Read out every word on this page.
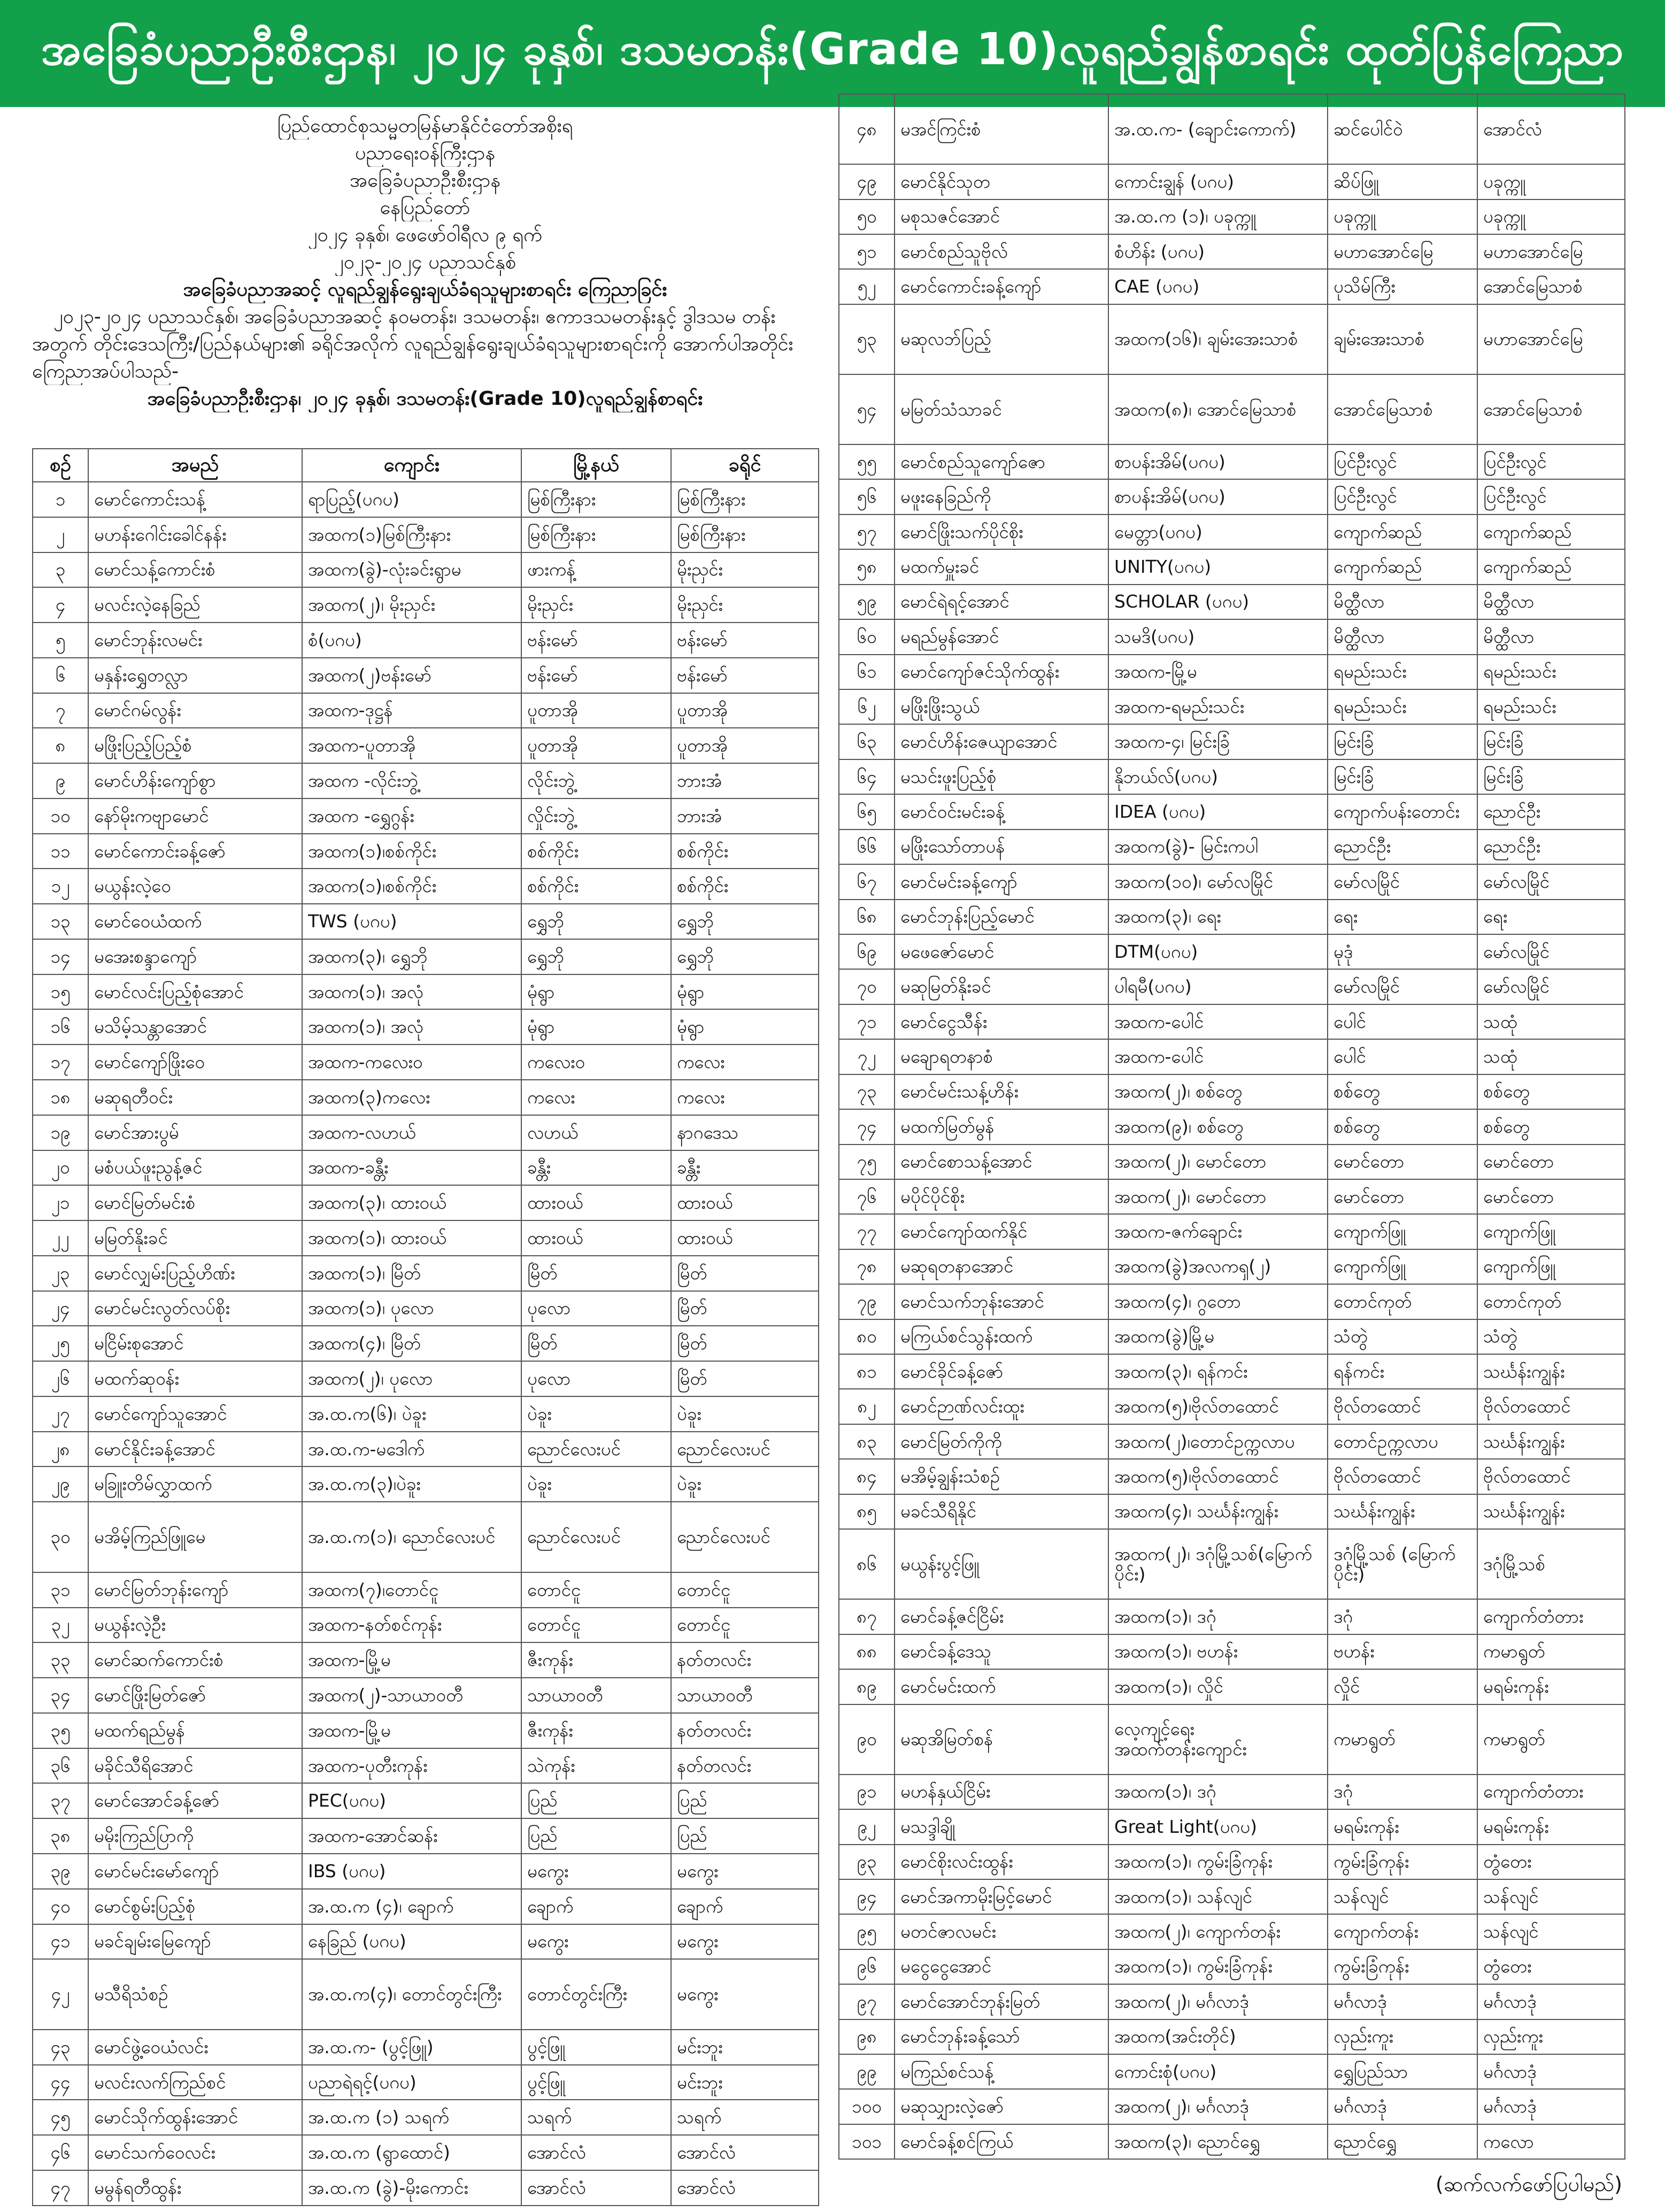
အခြေခံပညာဦးစီးဌာန၊ ၂၀၂၄ ခုနှစ်၊ ဒသမတန်း(Grade 10)လူရည်ချွန်စာရင်း ထုတ်ပြန်ကြေညာ
ပြည်ထောင်စုသမ္မတမြန်မာနိုင်ငံတော်အစိုးရ
ပညာရေးဝန်ကြီးဌာန
အခြေခံပညာဦးစီးဌာန
နေပြည်တော်
၂၀၂၄ ခုနှစ်၊ ဖေဖော်ဝါရီလ ၉ ရက်
၂၀၂၃-၂၀၂၄ ပညာသင်နှစ်
အခြေခံပညာအဆင့် လူရည်ချွန်ရွေးချယ်ခံရသူများစာရင်း ကြေညာခြင်း
၂၀၂၃-၂၀၂၄ ပညာသင်နှစ်၊ အခြေခံပညာအဆင့် နဝမတန်း၊ ဒသမတန်း၊ ဧကာဒသမတန်းနှင့် ဒွါဒသမ တန်းအတွက် တိုင်းဒေသကြီး/ပြည်နယ်များ၏ ခရိုင်အလိုက် လူရည်ချွန်ရွေးချယ်ခံရသူများစာရင်းကို အောက်ပါအတိုင်းကြေညာအပ်ပါသည်-
အခြေခံပညာဦးစီးဌာန၊ ၂၀၂၄ ခုနှစ်၊ ဒသမတန်း(Grade 10)လူရည်ချွန်စာရင်း
စဉ်	အမည်	ကျောင်း	မြို့နယ်	ခရိုင်
၁	မောင်ကောင်းသန့်	ရာပြည့်(ပဂပ)	မြစ်ကြီးနား	မြစ်ကြီးနား
၂	မဟန်းဂေါင်းခေါင်နန်း	အထက(၁)မြစ်ကြီးနား	မြစ်ကြီးနား	မြစ်ကြီးနား
၃	မောင်သန့်ကောင်းစံ	အထက(ခွဲ)-လုံးခင်းရွာမ	ဖားကန့်	မိုးညှင်း
၄	မလင်းလဲ့နေခြည်	အထက(၂)၊ မိုးညှင်း	မိုးညှင်း	မိုးညှင်း
၅	မောင်ဘုန်းလမင်း	စံ(ပဂပ)	ဗန်းမော်	ဗန်းမော်
၆	မနှန်းရွှေတလ္လာ	အထက(၂)ဗန်းမော်	ဗန်းမော်	ဗန်းမော်
၇	မောင်ဂမ်လွန်း	အထက-ဒုဋ္ဌန်	ပူတာအို	ပူတာအို
၈	မဖြိုးပြည့်ပြည့်စံ	အထက-ပူတာအို	ပူတာအို	ပူတာအို
၉	မောင်ဟိန်းကျော်စွာ	အထက -လိုင်းဘွဲ့	လိုင်းဘွဲ့	ဘားအံ
၁၀	နော်မိုးကဗျာမောင်	အထက -ရွှေဂွန်း	လှိုင်းဘွဲ့	ဘားအံ
၁၁	မောင်ကောင်းခန့်ဇော်	အထက(၁)၊စစ်ကိုင်း	စစ်ကိုင်း	စစ်ကိုင်း
၁၂	မယွန်းလဲ့ဝေ	အထက(၁)၊စစ်ကိုင်း	စစ်ကိုင်း	စစ်ကိုင်း
၁၃	မောင်ဝေယံထက်	TWS (ပဂပ)	ရွှေဘို	ရွှေဘို
၁၄	မအေးစန္ဒာကျော်	အထက(၃)၊ ရွှေဘို	ရွှေဘို	ရွှေဘို
၁၅	မောင်လင်းပြည့်စုံအောင်	အထက(၁)၊ အလုံ	မုံရွာ	မုံရွာ
၁၆	မသိမ့်သန္တာအောင်	အထက(၁)၊ အလုံ	မုံရွာ	မုံရွာ
၁၇	မောင်ကျော်ဖြိုးဝေ	အထက-ကလေးဝ	ကလေးဝ	ကလေး
၁၈	မဆုရတီဝင်း	အထက(၃)ကလေး	ကလေး	ကလေး
၁၉	မောင်အားပွမ်	အထက-လဟယ်	လဟယ်	နာဂဒေသ
၂၀	မစံပယ်ဖူးညွန့်ဇင်	အထက-ခန္တီး	ခန္တီး	ခန္တီး
၂၁	မောင်မြတ်မင်းစံ	အထက(၃)၊ ထားဝယ်	ထားဝယ်	ထားဝယ်
၂၂	မမြတ်နိုးခင်	အထက(၁)၊ ထားဝယ်	ထားဝယ်	ထားဝယ်
၂၃	မောင်လျှမ်းပြည့်ဟိဏ်း	အထက(၁)၊ မြိတ်	မြိတ်	မြိတ်
၂၄	မောင်မင်းလွတ်လပ်စိုး	အထက(၁)၊ ပုလော	ပုလော	မြိတ်
၂၅	မငြိမ်းစုအောင်	အထက(၄)၊ မြိတ်	မြိတ်	မြိတ်
၂၆	မထက်ဆုဝန်း	အထက(၂)၊ ပုလော	ပုလော	မြိတ်
၂၇	မောင်ကျော်သူအောင်	အ.ထ.က(၆)၊ ပဲခူး	ပဲခူး	ပဲခူး
၂၈	မောင်နိုင်းခန့်အောင်	အ.ထ.က-မဒေါက်	ညောင်လေးပင်	ညောင်လေးပင်
၂၉	မခြူးတိမ်လွှာထက်	အ.ထ.က(၃)၊ပဲခူး	ပဲခူး	ပဲခူး
၃၀	မအိမ့်ကြည်ဖြူမေ	အ.ထ.က(၁)၊ ညောင်လေးပင်	ညောင်လေးပင်	ညောင်လေးပင်
၃၁	မောင်မြတ်ဘုန်းကျော်	အထက(၇)၊တောင်ငူ	တောင်ငူ	တောင်ငူ
၃၂	မယွန်းလဲ့ဦး	အထက-နတ်စင်ကုန်း	တောင်ငူ	တောင်ငူ
၃၃	မောင်ဆက်ကောင်းစံ	အထက-မြို့မ	ဇီးကုန်း	နတ်တလင်း
၃၄	မောင်ဖြိုးမြတ်ဇော်	အထက(၂)-သာယာဝတီ	သာယာဝတီ	သာယာဝတီ
၃၅	မထက်ရည်မွန်	အထက-မြို့မ	ဇီးကုန်း	နတ်တလင်း
၃၆	မခိုင်သီရိအောင်	အထက-ပုတီးကုန်း	သဲကုန်း	နတ်တလင်း
၃၇	မောင်အောင်ခန့်ဇော်	PEC(ပဂပ)	ပြည်	ပြည်
၃၈	မမိုးကြည်ပြာကို	အထက-အောင်ဆန်း	ပြည်	ပြည်
၃၉	မောင်မင်းမော်ကျော်	IBS (ပဂပ)	မကွေး	မကွေး
၄၀	မောင်စွမ်းပြည့်စုံ	အ.ထ.က (၄)၊ ချောက်	ချောက်	ချောက်
၄၁	မခင်ချမ်းမြေကျော်	နေခြည် (ပဂပ)	မကွေး	မကွေး
၄၂	မသီရိသံစဉ်	အ.ထ.က(၄)၊ တောင်တွင်းကြီး	တောင်တွင်းကြီး	မကွေး
၄၃	မောင်ဖွဲ့ဝေယံလင်း	အ.ထ.က- (ပွင့်ဖြူ)	ပွင့်ဖြူ	မင်းဘူး
၄၄	မလင်းလက်ကြည်စင်	ပညာရဲရင့်(ပဂပ)	ပွင့်ဖြူ	မင်းဘူး
၄၅	မောင်သိုက်ထွန်းအောင်	အ.ထ.က (၁) သရက်	သရက်	သရက်
၄၆	မောင်သက်ဝေလင်း	အ.ထ.က (ရွာထောင်)	အောင်လံ	အောင်လံ
၄၇	မမွန်ရတီထွန်း	အ.ထ.က (ခွဲ)-မိုးကောင်း	အောင်လံ	အောင်လံ
၄၈	မအင်ကြင်းစံ	အ.ထ.က- (ချောင်းကောက်)	ဆင်ပေါင်ဝဲ	အောင်လံ
၄၉	မောင်နိုင်သုတ	ကောင်းချွန် (ပဂပ)	ဆိပ်ဖြူ	ပခုက္ကူ
၅၀	မစုသဇင်အောင်	အ.ထ.က (၁)၊ ပခုက္ကူ	ပခုက္ကူ	ပခုက္ကူ
၅၁	မောင်စည်သူဗိုလ်	စံဟိန်း (ပဂပ)	မဟာအောင်မြေ	မဟာအောင်မြေ
၅၂	မောင်ကောင်းခန့်ကျော်	CAE (ပဂပ)	ပုသိမ်ကြီး	အောင်မြေသာစံ
၅၃	မဆုလဘ်ပြည့်	အထက(၁၆)၊ ချမ်းအေးသာစံ	ချမ်းအေးသာစံ	မဟာအောင်မြေ
၅၄	မမြတ်သံသာခင်	အထက(၈)၊ အောင်မြေသာစံ	အောင်မြေသာစံ	အောင်မြေသာစံ
၅၅	မောင်စည်သူကျော်ဇော	စာပန်းအိမ်(ပဂပ)	ပြင်ဦးလွင်	ပြင်ဦးလွင်
၅၆	မဖူးနေခြည်ကို	စာပန်းအိမ်(ပဂပ)	ပြင်ဦးလွင်	ပြင်ဦးလွင်
၅၇	မောင်ဖြိုးသက်ပိုင်စိုး	မေတ္တာ(ပဂပ)	ကျောက်ဆည်	ကျောက်ဆည်
၅၈	မထက်မှူးခင်	UNITY(ပဂပ)	ကျောက်ဆည်	ကျောက်ဆည်
၅၉	မောင်ရဲရင့်အောင်	SCHOLAR (ပဂပ)	မိတ္ထီလာ	မိတ္ထီလာ
၆၀	မရည်မွန်အောင်	သမဒိ(ပဂပ)	မိတ္ထီလာ	မိတ္ထီလာ
၆၁	မောင်ကျော်ဇင်သိုက်ထွန်း	အထက-မြို့မ	ရမည်းသင်း	ရမည်းသင်း
၆၂	မဖြိုးဖြိုးသွယ်	အထက-ရမည်းသင်း	ရမည်းသင်း	ရမည်းသင်း
၆၃	မောင်ဟိန်းဇေယျာအောင်	အထက-၄၊ မြင်းခြံ	မြင်းခြံ	မြင်းခြံ
၆၄	မသင်းဖူးပြည့်စုံ	နိုဘယ်လ်(ပဂပ)	မြင်းခြံ	မြင်းခြံ
၆၅	မောင်ဝင်းမင်းခန့်	IDEA (ပဂပ)	ကျောက်ပန်းတောင်း	ညောင်ဦး
၆၆	မဖြိုးသော်တာပန်	အထက(ခွဲ)- မြင်းကပါ	ညောင်ဦး	ညောင်ဦး
၆၇	မောင်မင်းခန့်ကျော်	အထက(၁၀)၊ မော်လမြိုင်	မော်လမြိုင်	မော်လမြိုင်
၆၈	မောင်ဘုန်းပြည့်မောင်	အထက(၃)၊ ရေး	ရေး	ရေး
၆၉	မဖေဇော်မောင်	DTM(ပဂပ)	မုဒုံ	မော်လမြိုင်
၇၀	မဆုမြတ်နိုးခင်	ပါရမီ(ပဂပ)	မော်လမြိုင်	မော်လမြိုင်
၇၁	မောင်ငွေသီန်း	အထက-ပေါင်	ပေါင်	သထုံ
၇၂	မချောရတနာစံ	အထက-ပေါင်	ပေါင်	သထုံ
၇၃	မောင်မင်းသန့်ဟိန်း	အထက(၂)၊ စစ်တွေ	စစ်တွေ	စစ်တွေ
၇၄	မထက်မြတ်မွန်	အထက(၉)၊ စစ်တွေ	စစ်တွေ	စစ်တွေ
၇၅	မောင်စောသန့်အောင်	အထက(၂)၊ မောင်တော	မောင်တော	မောင်တော
၇၆	မပိုင်ပိုင်စိုး	အထက(၂)၊ မောင်တော	မောင်တော	မောင်တော
၇၇	မောင်ကျော်ထက်နိုင်	အထက-ဇက်ချောင်း	ကျောက်ဖြူ	ကျောက်ဖြူ
၇၈	မဆုရတနာအောင်	အထက(ခွဲ)အလကၡ(၂)	ကျောက်ဖြူ	ကျောက်ဖြူ
၇၉	မောင်သက်ဘုန်းအောင်	အထက(၄)၊ ဂွတော	တောင်ကုတ်	တောင်ကုတ်
၈၀	မကြယ်စင်သွန်းထက်	အထက(ခွဲ)မြို့မ	သံတွဲ	သံတွဲ
၈၁	မောင်ခိုင်ခန့်ဇော်	အထက(၃)၊ ရန်ကင်း	ရန်ကင်း	သင်္ဃန်းကျွန်း
၈၂	မောင်ဉာဏ်လင်းထူး	အထက(၅)၊ဗိုလ်တထောင်	ဗိုလ်တထောင်	ဗိုလ်တထောင်
၈၃	မောင်မြတ်ကိုကို	အထက(၂)၊တောင်ဥက္ကလာပ	တောင်ဥက္ကလာပ	သင်္ဃန်းကျွန်း
၈၄	မအိမ့်ချွန်းသံစဉ်	အထက(၅)၊ဗိုလ်တထောင်	ဗိုလ်တထောင်	ဗိုလ်တထောင်
၈၅	မခင်သီရိနိုင်	အထက(၄)၊ သင်္ဃန်းကျွန်း	သင်္ဃန်းကျွန်း	သင်္ဃန်းကျွန်း
၈၆	မယွန်းပွင့်ဖြူ	အထက(၂)၊ ဒဂုံမြို့သစ်(မြောက်ပိုင်း)	ဒဂုံမြို့သစ် (မြောက်ပိုင်း)	ဒဂုံမြို့သစ်
၈၇	မောင်ခန့်ဇင်ငြိမ်း	အထက(၁)၊ ဒဂုံ	ဒဂုံ	ကျောက်တံတား
၈၈	မောင်ခန့်ဒေသူ	အထက(၁)၊ ဗဟန်း	ဗဟန်း	ကမာရွတ်
၈၉	မောင်မင်းထက်	အထက(၁)၊ လှိုင်	လှိုင်	မရမ်းကုန်း
၉၀	မဆုအိမြတ်စန်	လေ့ကျင့်ရေး အထက်တန်းကျောင်း	ကမာရွတ်	ကမာရွတ်
၉၁	မဟန်နှယ်ငြိမ်း	အထက(၁)၊ ဒဂုံ	ဒဂုံ	ကျောက်တံတား
၉၂	မသဒ္ဒါချို	Great Light(ပဂပ)	မရမ်းကုန်း	မရမ်းကုန်း
၉၃	မောင်စိုးလင်းထွန်း	အထက(၁)၊ ကွမ်းခြံကုန်း	ကွမ်းခြံကုန်း	တွံတေး
၉၄	မောင်အကာမိုးမြင့်မောင်	အထက(၁)၊ သန်လျင်	သန်လျင်	သန်လျင်
၉၅	မတင်ဇာလမင်း	အထက(၂)၊ ကျောက်တန်း	ကျောက်တန်း	သန်လျင်
၉၆	မငွေငွေအောင်	အထက(၁)၊ ကွမ်းခြံကုန်း	ကွမ်းခြံကုန်း	တွံတေး
၉၇	မောင်အောင်ဘုန်းမြတ်	အထက(၂)၊ မင်္ဂလာဒုံ	မင်္ဂလာဒုံ	မင်္ဂလာဒုံ
၉၈	မောင်ဘုန်းခန့်သော်	အထက(အင်းတိုင်)	လှည်းကူး	လှည်းကူး
၉၉	မကြည်စင်သန့်	ကောင်းစုံ(ပဂပ)	ရွှေပြည်သာ	မင်္ဂလာဒုံ
၁၀၀	မဆုသျှားလဲ့ဇော်	အထက(၂)၊ မင်္ဂလာဒုံ	မင်္ဂလာဒုံ	မင်္ဂလာဒုံ
၁၀၁	မောင်ခန့်စင်ကြယ်	အထက(၃)၊ ညောင်ရွှေ	ညောင်ရွှေ	ကလော
(ဆက်လက်ဖော်ပြပါမည်)
